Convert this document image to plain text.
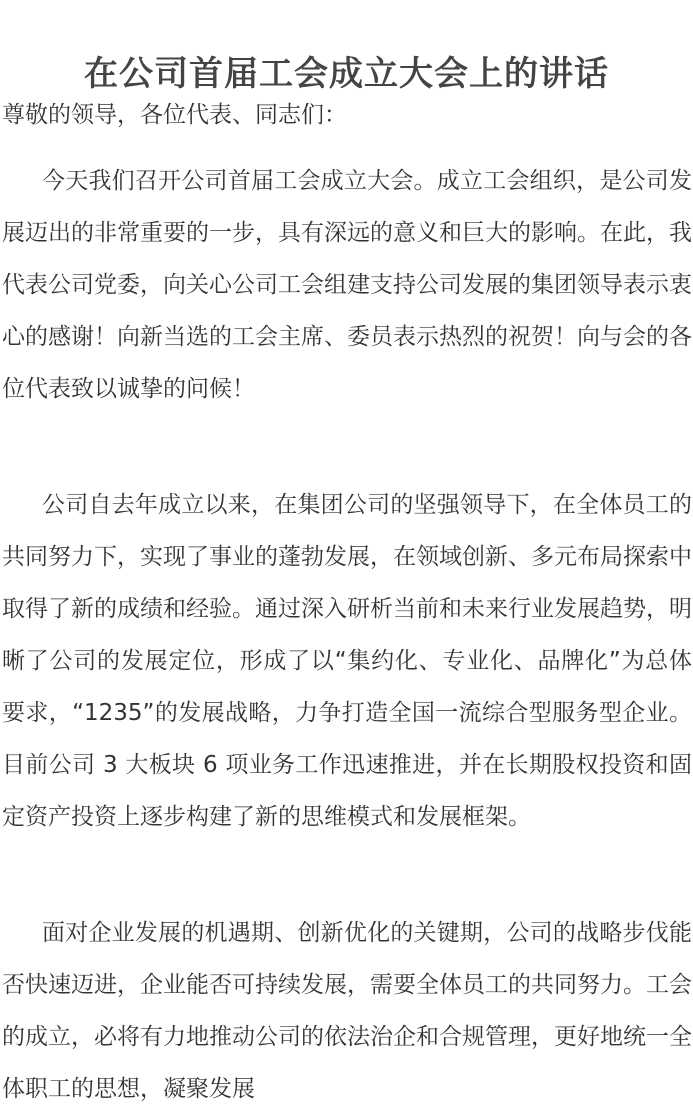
在公司首届工会成立大会上的讲话
尊敬的领导，各位代表、同志们：

今天我们召开公司首届工会成立大会。成立工会组织，是公司发展迈出的非常重要的一步，具有深远的意义和巨大的影响。在此，我代表公司党委，向关心公司工会组建支持公司发展的集团领导表示衷心的感谢！向新当选的工会主席、委员表示热烈的祝贺！向与会的各位代表致以诚挚的问候！

公司自去年成立以来，在集团公司的坚强领导下，在全体员工的共同努力下，实现了事业的蓬勃发展，在领域创新、多元布局探索中取得了新的成绩和经验。通过深入研析当前和未来行业发展趋势，明晰了公司的发展定位，形成了以“集约化、专业化、品牌化”为总体要求，“1235”的发展战略，力争打造全国一流综合型服务型企业。目前公司 3 大板块 6 项业务工作迅速推进，并在长期股权投资和固定资产投资上逐步构建了新的思维模式和发展框架。

面对企业发展的机遇期、创新优化的关键期，公司的战略步伐能否快速迈进，企业能否可持续发展，需要全体员工的共同努力。工会的成立，必将有力地推动公司的依法治企和合规管理，更好地统一全体职工的思想，凝聚发展
